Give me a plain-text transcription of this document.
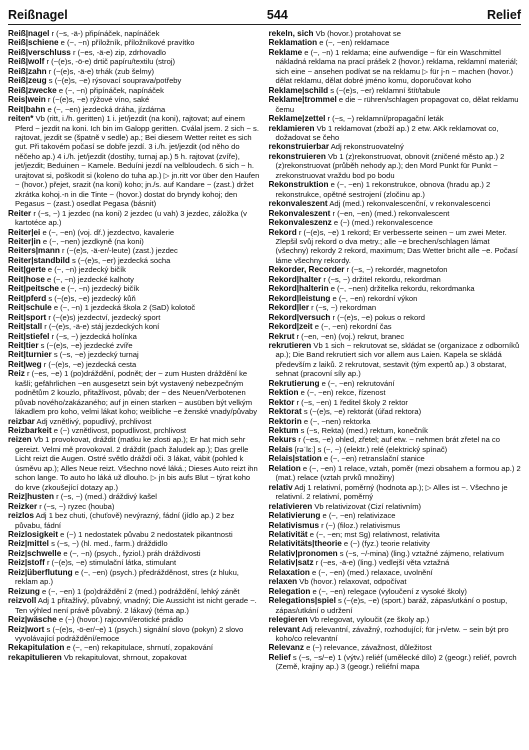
Reißnagel	544	Relief

Reiß|nagel r (~s, -ä-) připínáček, napínáček

Reiß|schiene e (~, ~n) příložník, příložníkové pravítko

Reiß|verschluss r (~es, -ä-e) zip, zdrhovadlo

Reiß|wolf r (~(e)s, -ö-e) drtič papíru/textilu (stroj)

Reiß|zahn r (~(e)s, -ä-e) trhák (zub šelmy)

Reiß|zeug s (~(e)s, ~e) rýsovací souprava/potřeby

Reiß|zwecke e (~, ~n) připínáček, napínáček

Reis|wein r (~(e)s, ~e) rýžové víno, saké

Reit|bahn e (~, ~en) jezdecká dráha, jízdárna

reiten* Vb (ritt, i./h. geritten) 1 i. jet/jezdit (na koni), rajtovat; auf einem Pferd ~ jezdit na koni. Ich bin im Galopp geritten. Cválal jsem. 2 sich ~ s. rajtovat, jezdit se (špatně v sedle) ap.; Bei diesem Wetter reitet es sich gut. Při takovém počasí se dobře jezdí. 3 i./h. jet/jezdit (od něho do něčeho ap.) 4 i./h. jet/jezdit (dostihy, turnaj ap.) 5 h. rajtovat (zvíře), jet/jezdit; Beduinen ~ Kamele. Beduíni jezdí na velbloudech. 6 sich ~ h. urajtovat si, poškodit si (koleno do tuha ap.) ▷ jn.ritt vor über den Haufen ~ (hovor.) přejet, srazit (na koni) koho; jn./s. auf Kandare ~ (zast.) držet zkrátka kohoj.-n in die Tinte ~ (hovor.) dostat do bryndy kohoj; den Pegasus ~ (zast.) osedlat Pegasa (básnit)

Reiter r (~s, ~) 1 jezdec (na koni) 2 jezdec (u vah) 3 jezdec, záložka (v kartotéce ap.)

Reiter|ei e (~, ~en) (voj. dř.) jezdectvo, kavalerie

Reiter|in e (~, ~nen) jezdkyně (na koni)

Reiters|mann r (~(e)s, -ä-er/-leute) (zast.) jezdec

Reiter|standbild s (~(e)s, ~er) jezdecká socha

Reit|gerte e (~, ~n) jezdecký bičík

Reit|hose e (~, ~n) jezdecké kalhoty

Reit|peitsche e (~, ~n) jezdecký bičík

Reit|pferd s (~(e)s, ~e) jezdecký kůň

Reit|schule e (~, ~n) 1 jezdecká škola 2 (SaD) kolotoč

Reit|sport r (~(e)s) jezdectví, jezdecký sport

Reit|stall r (~(e)s, -ä-e) stáj jezdeckých koní

Reit|stiefel r (~s, ~) jezdecká holínka

Reit|tier s (~(e)s, ~e) jezdecké zvíře

Reit|turnier s (~s, ~e) jezdecký turnaj

Reit|weg r (~(e)s, ~e) jezdecká cesta

Reiz r (~es, ~e) 1 (po)dráždění, podnět; der ~ zum Husten dráždění ke kašli; gefährlichen ~en ausgesetzt sein být vystavený nebezpečným podnětům 2 kouzlo, přitažlivost, půvab; der ~ des Neuen/Verbotenen půvab nového/zakázaného; auf jn einen starken ~ ausüben být velkým lákadlem pro koho, velmi lákat koho; weibliche ~e ženské vnady/půvaby

reizbar Adj vznětlivý, popudlivý, prchlivost

Reizbarkeit e (~) vznětlivost, popudlivost, prchlivost

reizen Vb 1 provokovat, dráždit (matku ke zlosti ap.); Er hat mich sehr gereizt. Velmi mě provokoval. 2 dráždit (pach žaludek ap.); Das grelle Licht reizt die Augen. Ostré světlo dráždí oči. 3 lákat, vábit (pohled k úsměvu ap.); Alles Neue reizt. Všechno nové láká.; Dieses Auto reizt ihn schon lange. To auto ho láká už dlouho. ▷ jn bis aufs Blut ~ týrat koho do krve (zkoušející dotazy ap.)

Reiz|husten r (~s, ~) (med.) dráždivý kašel

Reizker r (~s, ~) ryzec (houba)

reizlos Adj 1 bez chuti, (chuťově) nevýrazný, fádní (jídlo ap.) 2 bez půvabu, fádní

Reizlosigkeit e (~) 1 nedostatek půvabu 2 nedostatek pikantnosti

Reiz|mittel s (~s, ~) (hl. med., farm.) dráždidlo

Reiz|schwelle e (~, ~n) (psych., fyziol.) práh dráždivosti

Reiz|stoff r (~(e)s, ~e) stimulační látka, stimulant

Reiz|überflutung e (~, ~en) (psych.) předrážděnost, stres (z hluku, reklam ap.)

Reizung e (~, ~en) 1 (po)dráždění 2 (med.) podráždění, lehký zánět

reizvoll Adj 1 přitažlivý, půvabný, vnadný; Die Aussicht ist nicht gerade ~. Ten výhled není právě půvabný. 2 lákavý (téma ap.)

Reiz|wäsche e (~) (hovor.) rajcovní/erotické prádlo

Reiz|wort s (~(e)s, -ö-er/~e) 1 (psych.) signální slovo (pokyn) 2 slovo vyvolávající podráždění/emoce

Rekapitulation e (~, ~en) rekapitulace, shrnutí, zopakování

rekapitulieren Vb rekapitulovat, shrnout, zopakovat

rekeln, sich Vb (hovor.) protahovat se

Reklamation e (~, ~en) reklamace

Reklame e (~, ~n) 1 reklama; eine aufwendige ~ für ein Waschmittel nákladná reklama na prací prášek 2 (hovor.) reklama, reklamní materiál; sich eine ~ ansehen podívat se na reklamu ▷ für j-n ~ machen (hovor.) dělat reklamu, dělat dobré jméno komu, doporučovat koho

Reklame|schild s (~(e)s, ~er) reklamní štít/tabule

Reklame|trommel e die ~ rühren/schlagen propagovat co, dělat reklamu čemu

Reklame|zettel r (~s, ~) reklamní/propagační leták

reklamieren Vb 1 reklamovat (zboží ap.) 2 etw. AKk reklamovat co, dožadovat se čeho

rekonstruierbar Adj rekonstruovatelný

rekonstruieren Vb 1 (z)rekonstruovat, obnovit (zničené město ap.) 2 (z)rekonstruovat (průběh nehody ap.); den Mord Punkt für Punkt ~ zrekonstruovat vraždu bod po bodu

Rekonstruktion e (~, ~en) 1 rekonstrukce, obnova (hradu ap.) 2 rekonstrukce, opětné sestrojení (zločinu ap.)

rekonvaleszent Adj (med.) rekonvalescenční, v rekonvalescenci

Rekonvaleszent r (~en, ~en) (med.) rekonvalescent

Rekonvaleszenz e (~) (med.) rekonvalescence

Rekord r (~(e)s, ~e) 1 rekord; Er verbesserte seinen ~ um zwei Meter. Zlepšil svůj rekord o dva metry.; alle ~e brechen/schlagen lámat (všechny) rekordy 2 rekord, maximum; Das Wetter bricht alle ~e. Počasí láme všechny rekordy.

Rekorder, Recorder r (~s, ~) rekordér, magnetofon

Rekord|halter r (~s, ~) držitel rekordu, rekordman

Rekord|halterin e (~, ~nen) držitelka rekordu, rekordmanka

Rekord|leistung e (~, ~en) rekordní výkon

Rekord|ler r (~s, ~) rekordman

Rekord|versuch r (~(e)s, ~e) pokus o rekord

Rekord|zeit e (~, ~en) rekordní čas

Rekrut r (~en, ~en) (voj.) rekrut, branec

rekrutieren Vb 1 sich ~ rekrutovat se, skládat se (organizace z odborníků ap.); Die Band rekrutiert sich vor allem aus Laien. Kapela se skládá především z laiků. 2 rekrutovat, sestavit (tým expertů ap.) 3 obstarat, sehnat (pracovní síly ap.)

Rekrutierung e (~, ~en) rekrutování

Rektion e (~, ~en) rekce, řízenost

Rektor r (~s, ~en) 1 ředitel školy 2 rektor

Rektorat s (~(e)s, ~e) rektorát (úřad rektora)

Rektorin e (~, ~nen) rektorka

Rektum s (~s, Rekta) (med.) rektum, konečník

Rekurs r (~es, ~e) ohled, zřetel; auf etw. ~ nehmen brát zřetel na co

Relais [rəˈlɛː] s (~, ~) (elektr.) relé (elektrický spínač)

Relais|station e (~, ~en) retranslační stanice

Relation e (~, ~en) 1 relace, vztah, poměr (mezi obsahem a formou ap.) 2 (mat.) relace (vztah prvků množiny)

relativ Adj 1 relativní, poměrný (hodnota ap.); ▷ Alles ist ~. Všechno je relativní. 2 relativní, poměrný

relativieren Vb relativizovat (Cizí relativním)

Relativierung e (~, ~en) relativizace

Relativismus r (~) (filoz.) relativismus

Relativität e (~, ~en; mst Sg) relativnost, relativita

Relativitäts|theorie e (~) (fyz.) teorie relativity

Relativ|pronomen s (~s, ~/-mina) (ling.) vztažné zájmeno, relativum

Relativ|satz r (~es, -ä-e) (ling.) vedlejší věta vztažná

Relaxation e (~, ~en) (med.) relaxace, uvolnění

relaxen Vb (hovor.) relaxovat, odpočívat

Relegation e (~, ~en) relegace (vyloučení z vysoké školy)

Relegations|spiel s (~(e)s, ~e) (sport.) baráž, zápas/utkání o postup, zápas/utkání o udržení

relegieren Vb relegovat, vyloučit (ze školy ap.)

relevant Adj relevantní, závažný, rozhodující; für j-n/etw. ~ sein být pro koho/co relevantní

Relevanz e (~) relevance, závažnost, důležitost

Relief s (~s, ~s/~e) 1 (výtv.) reliéf (umělecké dílo) 2 (geogr.) reliéf, povrch (Země, krajiny ap.) 3 (geogr.) reliéfní mapa
